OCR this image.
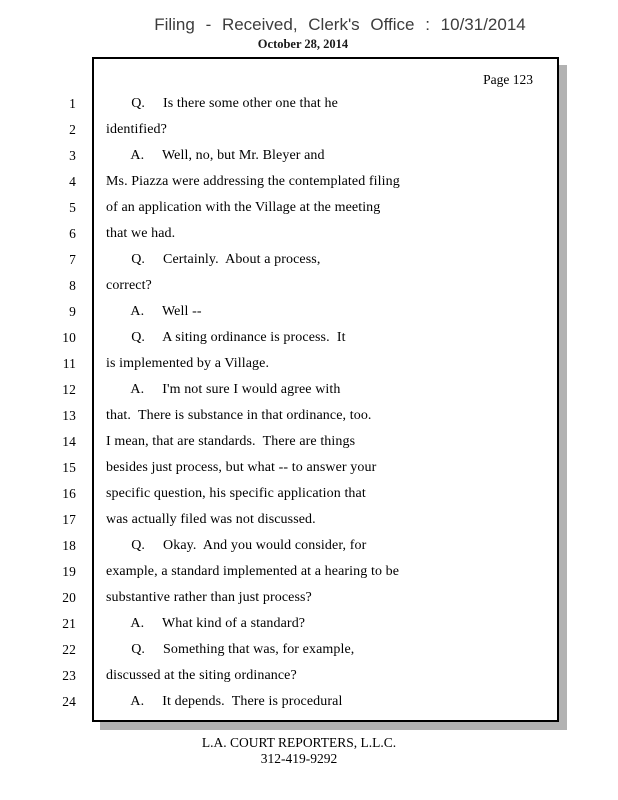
Filing - Received, Clerk's Office : 10/31/2014
October 28, 2014
Page 123
1	Q.     Is there some other one that he
2	identified?
3	A.     Well, no, but Mr. Bleyer and
4	Ms. Piazza were addressing the contemplated filing
5	of an application with the Village at the meeting
6	that we had.
7	Q.     Certainly.  About a process,
8	correct?
9	A.     Well --
10	Q.     A siting ordinance is process.  It
11	is implemented by a Village.
12	A.     I'm not sure I would agree with
13	that.  There is substance in that ordinance, too.
14	I mean, that are standards.  There are things
15	besides just process, but what -- to answer your
16	specific question, his specific application that
17	was actually filed was not discussed.
18	Q.     Okay.  And you would consider, for
19	example, a standard implemented at a hearing to be
20	substantive rather than just process?
21	A.     What kind of a standard?
22	Q.     Something that was, for example,
23	discussed at the siting ordinance?
24	A.     It depends.  There is procedural
L.A. COURT REPORTERS, L.L.C.
312-419-9292
